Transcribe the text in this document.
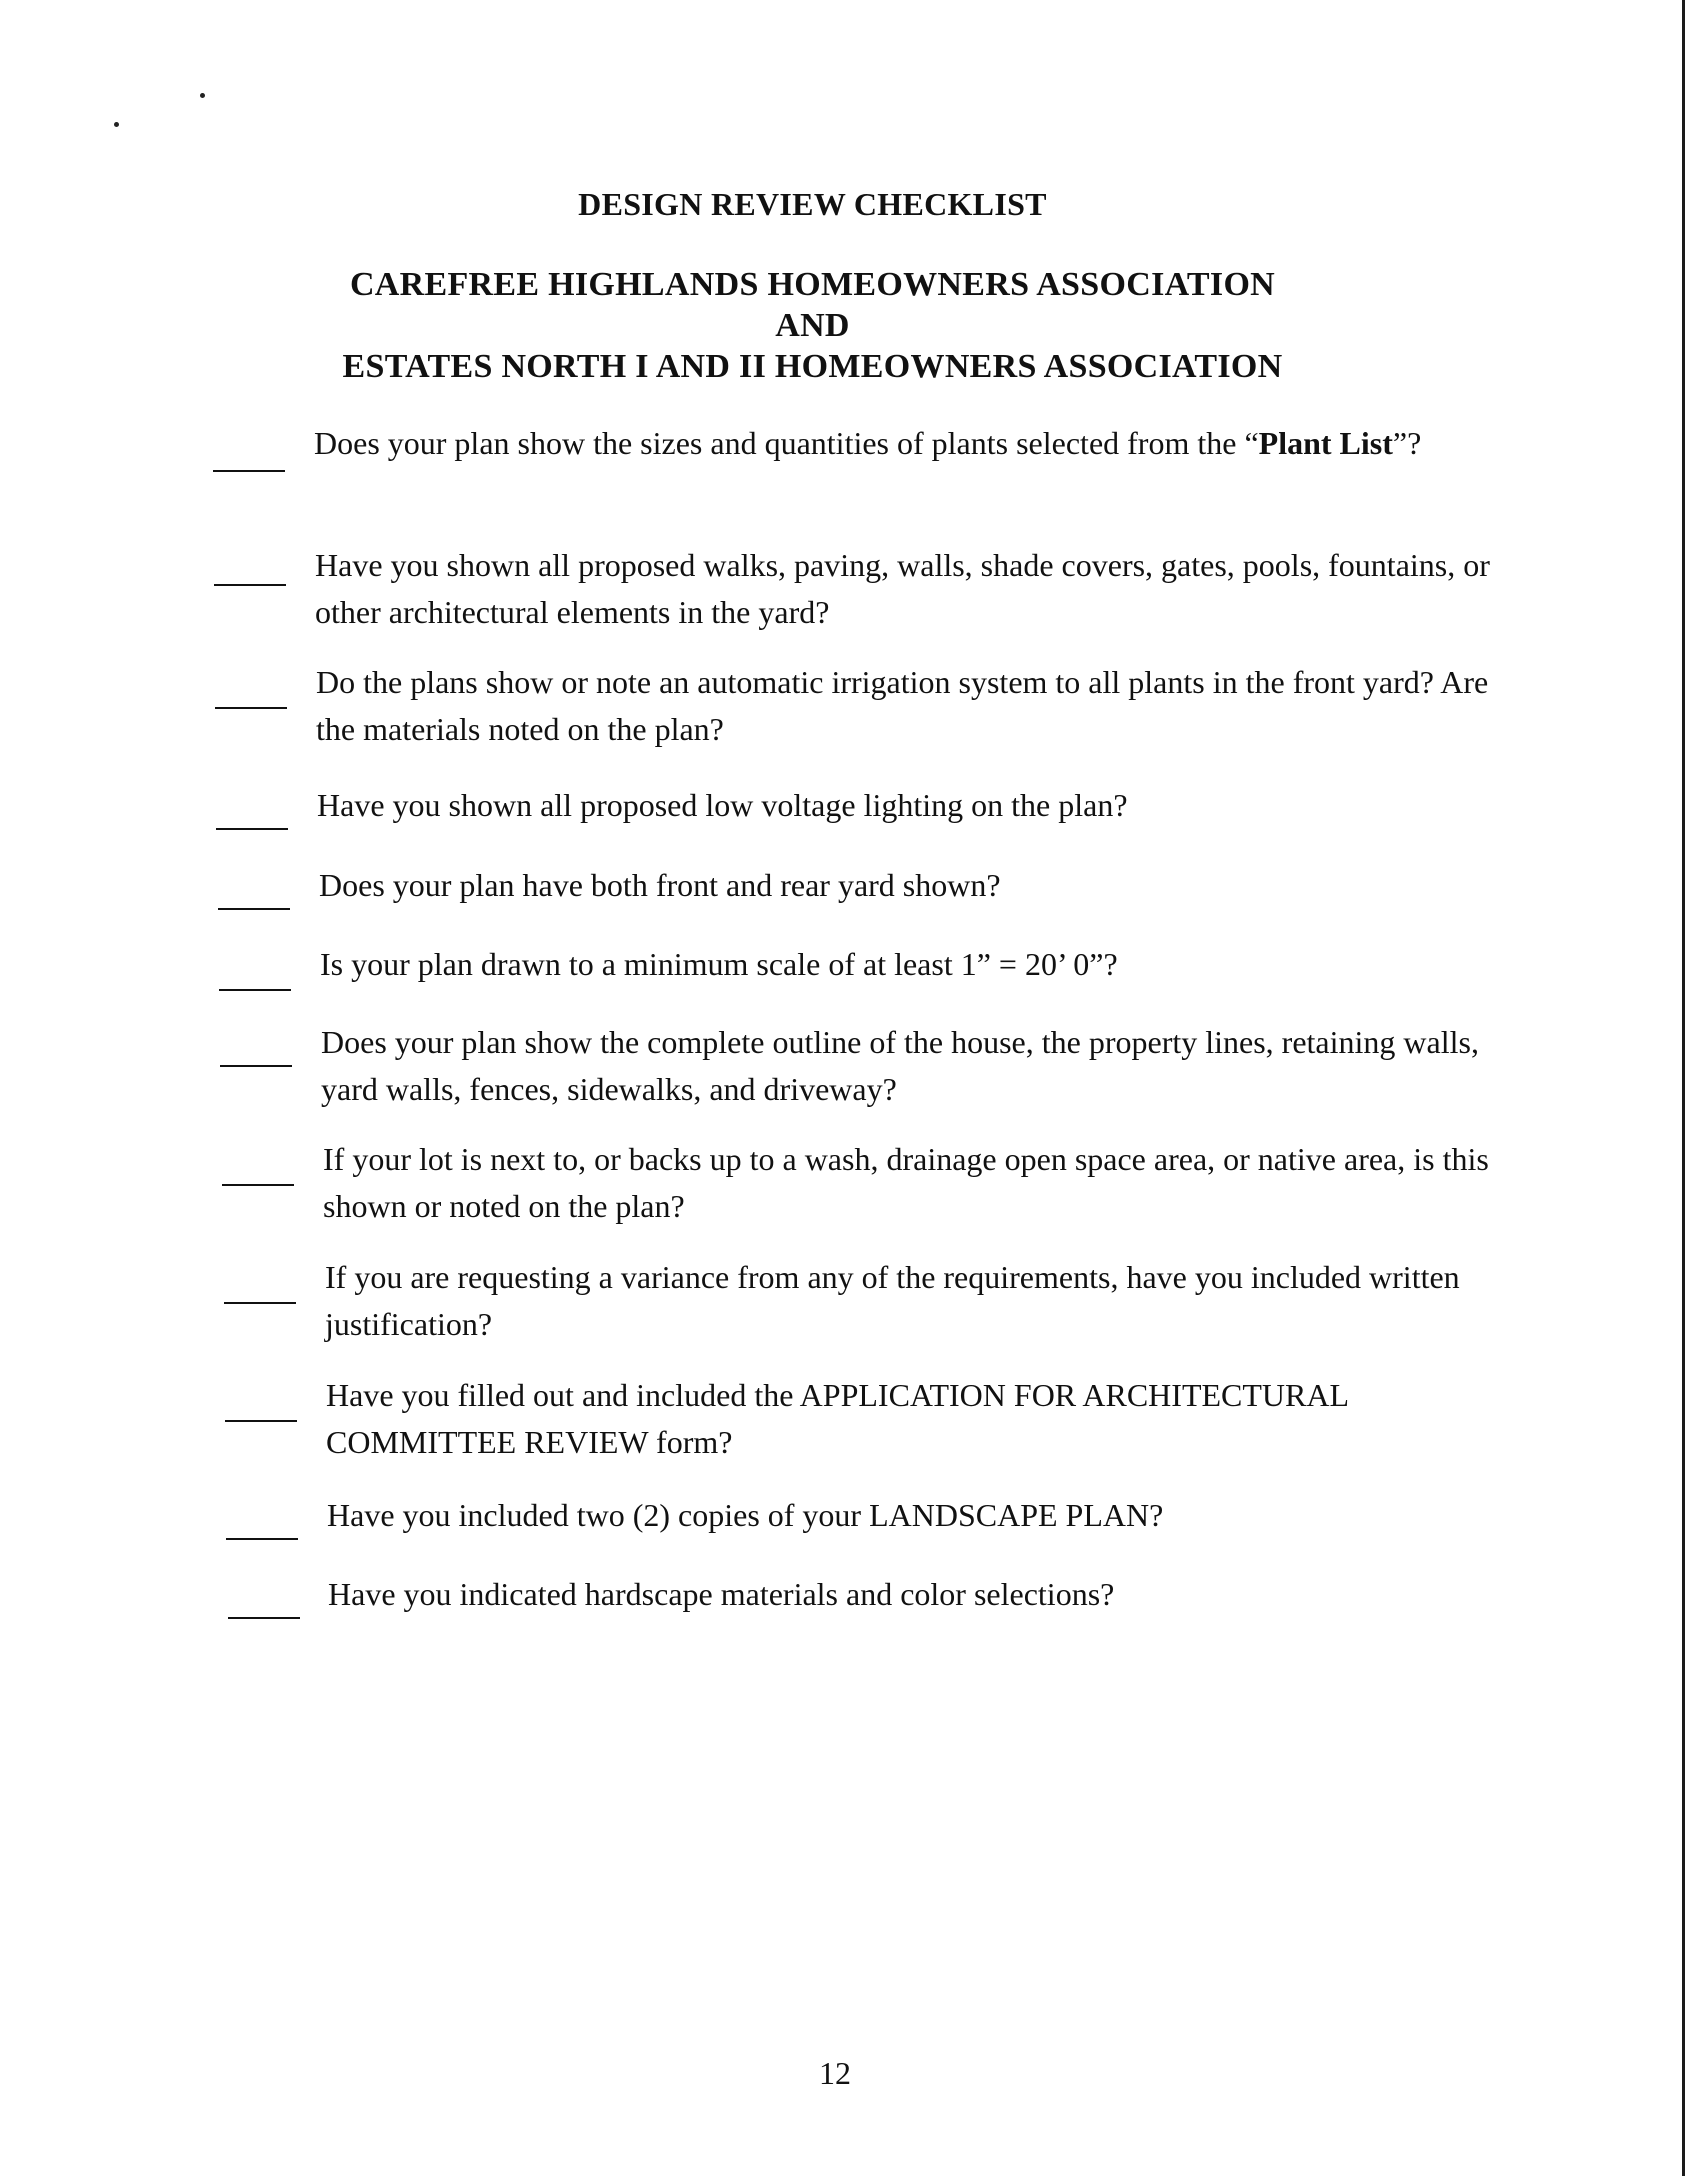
DESIGN REVIEW CHECKLIST
CAREFREE HIGHLANDS HOMEOWNERS ASSOCIATION
AND
ESTATES NORTH I AND II HOMEOWNERS ASSOCIATION
Does your plan show the sizes and quantities of plants selected from the “Plant List”?
Have you shown all proposed walks, paving, walls, shade covers, gates, pools, fountains, or other architectural elements in the yard?
Do the plans show or note an automatic irrigation system to all plants in the front yard? Are the materials noted on the plan?
Have you shown all proposed low voltage lighting on the plan?
Does your plan have both front and rear yard shown?
Is your plan drawn to a minimum scale of at least 1” = 20’ 0”?
Does your plan show the complete outline of the house, the property lines, retaining walls, yard walls, fences, sidewalks, and driveway?
If your lot is next to, or backs up to a wash, drainage open space area, or native area, is this shown or noted on the plan?
If you are requesting a variance from any of the requirements, have you included written justification?
Have you filled out and included the APPLICATION FOR ARCHITECTURAL COMMITTEE REVIEW form?
Have you included two (2) copies of your LANDSCAPE PLAN?
Have you indicated hardscape materials and color selections?
12
